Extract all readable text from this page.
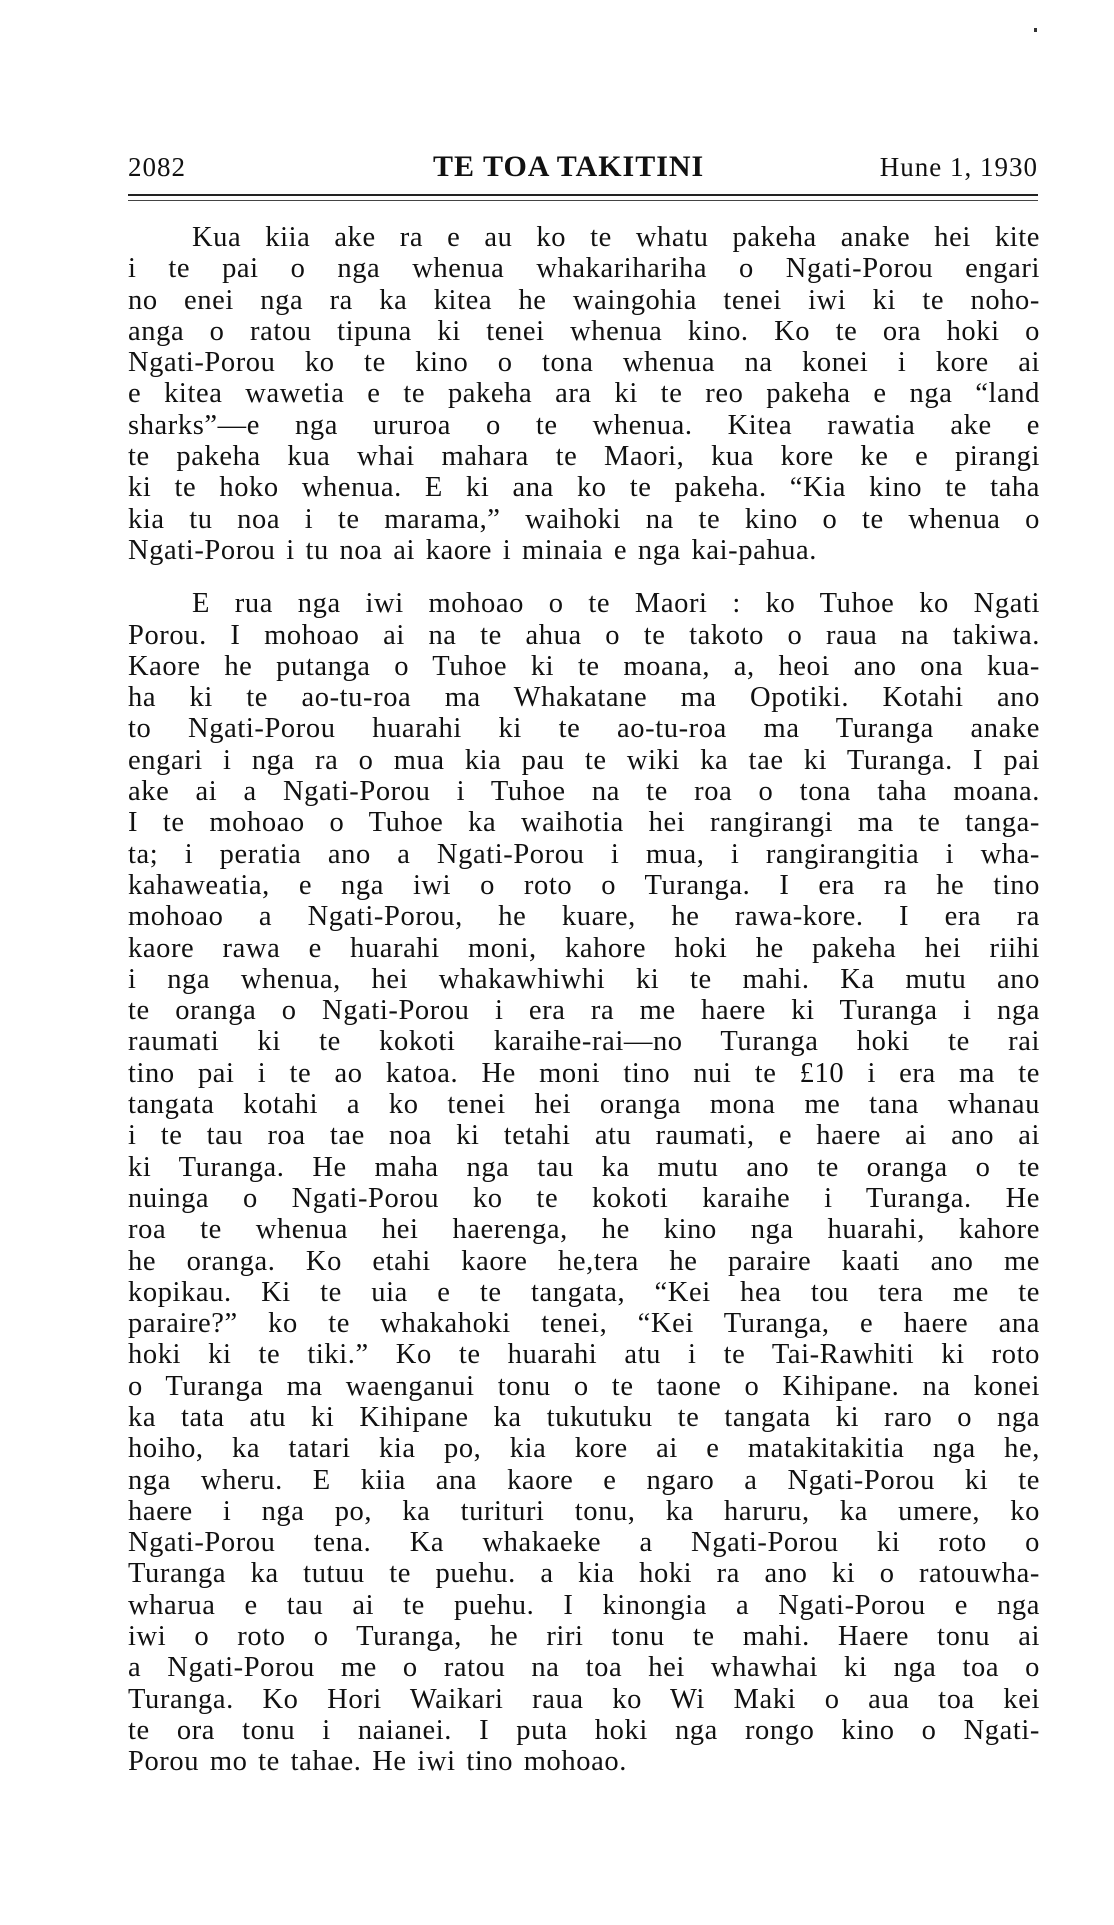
2082	TE TOA TAKITINI	Hune 1, 1930
Kua kiia ake ra e au ko te whatu pakeha anake hei kite
i te pai o nga whenua whakarihariha o Ngati-Porou engari
no enei nga ra ka kitea he waingohia tenei iwi ki te noho-
anga o ratou tipuna ki tenei whenua kino. Ko te ora hoki o
Ngati-Porou ko te kino o tona whenua na konei i kore ai
e kitea wawetia e te pakeha ara ki te reo pakeha e nga “land
sharks”—e nga ururoa o te whenua. Kitea rawatia ake e
te pakeha kua whai mahara te Maori, kua kore ke e pirangi
ki te hoko whenua. E ki ana ko te pakeha. “Kia kino te taha
kia tu noa i te marama,” waihoki na te kino o te whenua o
Ngati-Porou i tu noa ai kaore i minaia e nga kai-pahua.
E rua nga iwi mohoao o te Maori : ko Tuhoe ko Ngati
Porou. I mohoao ai na te ahua o te takoto o raua na takiwa.
Kaore he putanga o Tuhoe ki te moana, a, heoi ano ona kua-
ha ki te ao-tu-roa ma Whakatane ma Opotiki. Kotahi ano
to Ngati-Porou huarahi ki te ao-tu-roa ma Turanga anake
engari i nga ra o mua kia pau te wiki ka tae ki Turanga. I pai
ake ai a Ngati-Porou i Tuhoe na te roa o tona taha moana.
I te mohoao o Tuhoe ka waihotia hei rangirangi ma te tanga-
ta; i peratia ano a Ngati-Porou i mua, i rangirangitia i wha-
kahaweatia, e nga iwi o roto o Turanga. I era ra he tino
mohoao a Ngati-Porou, he kuare, he rawa-kore. I era ra
kaore rawa e huarahi moni, kahore hoki he pakeha hei riihi
i nga whenua, hei whakawhiwhi ki te mahi. Ka mutu ano
te oranga o Ngati-Porou i era ra me haere ki Turanga i nga
raumati ki te kokoti karaihe-rai—no Turanga hoki te rai
tino pai i te ao katoa. He moni tino nui te £10 i era ma te
tangata kotahi a ko tenei hei oranga mona me tana whanau
i te tau roa tae noa ki tetahi atu raumati, e haere ai ano ai
ki Turanga. He maha nga tau ka mutu ano te oranga o te
nuinga o Ngati-Porou ko te kokoti karaihe i Turanga. He
roa te whenua hei haerenga, he kino nga huarahi, kahore
he oranga. Ko etahi kaore he,tera he paraire kaati ano me
kopikau. Ki te uia e te tangata, “Kei hea tou tera me te
paraire?” ko te whakahoki tenei, “Kei Turanga, e haere ana
hoki ki te tiki.” Ko te huarahi atu i te Tai-Rawhiti ki roto
o Turanga ma waenganui tonu o te taone o Kihipane. na konei
ka tata atu ki Kihipane ka tukutuku te tangata ki raro o nga
hoiho, ka tatari kia po, kia kore ai e matakitakitia nga he,
nga wheru. E kiia ana kaore e ngaro a Ngati-Porou ki te
haere i nga po, ka turituri tonu, ka haruru, ka umere, ko
Ngati-Porou tena. Ka whakaeke a Ngati-Porou ki roto o
Turanga ka tutuu te puehu. a kia hoki ra ano ki o ratouwha-
wharua e tau ai te puehu. I kinongia a Ngati-Porou e nga
iwi o roto o Turanga, he riri tonu te mahi. Haere tonu ai
a Ngati-Porou me o ratou na toa hei whawhai ki nga toa o
Turanga. Ko Hori Waikari raua ko Wi Maki o aua toa kei
te ora tonu i naianei. I puta hoki nga rongo kino o Ngati-
Porou mo te tahae. He iwi tino mohoao.
